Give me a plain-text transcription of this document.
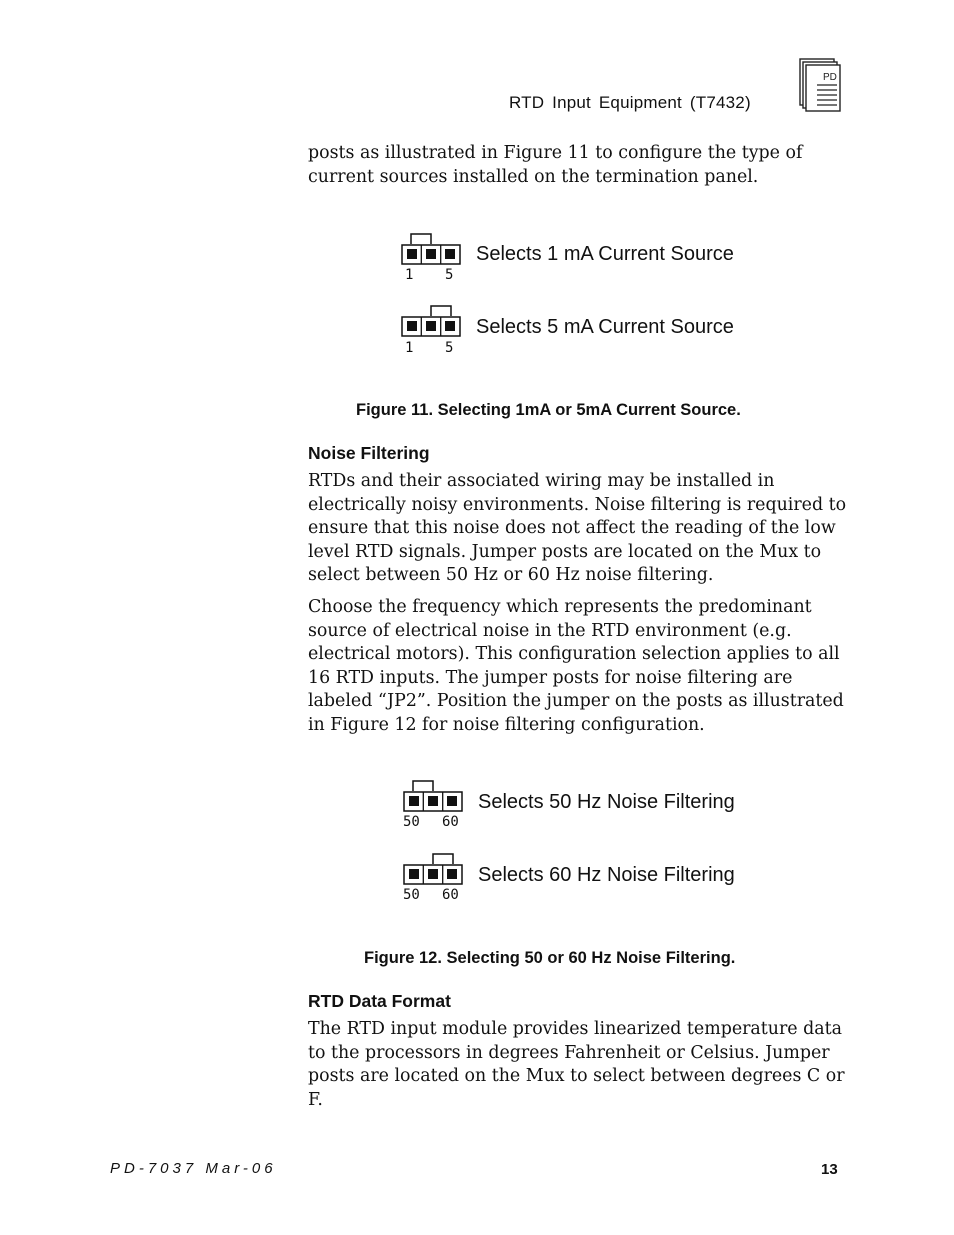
RTD Input Equipment (T7432)
PD

posts as illustrated in Figure 11 to configure the type of current sources installed on the termination panel.

1 5
Selects 1 mA Current Source
1 5
Selects 5 mA Current Source

Figure 11. Selecting 1mA or 5mA Current Source.

Noise Filtering

RTDs and their associated wiring may be installed in electrically noisy environments. Noise filtering is required to ensure that this noise does not affect the reading of the low level RTD signals. Jumper posts are located on the Mux to select between 50 Hz or 60 Hz noise filtering.

Choose the frequency which represents the predominant source of electrical noise in the RTD environment (e.g. electrical motors). This configuration selection applies to all 16 RTD inputs. The jumper posts for noise filtering are labeled “JP2”. Position the jumper on the posts as illustrated in Figure 12 for noise filtering configuration.

50 60
Selects 50 Hz Noise Filtering
50 60
Selects 60 Hz Noise Filtering

Figure 12. Selecting 50 or 60 Hz Noise Filtering.

RTD Data Format

The RTD input module provides linearized temperature data to the processors in degrees Fahrenheit or Celsius. Jumper posts are located on the Mux to select between degrees C or F.

PD-7037 Mar-06	13
